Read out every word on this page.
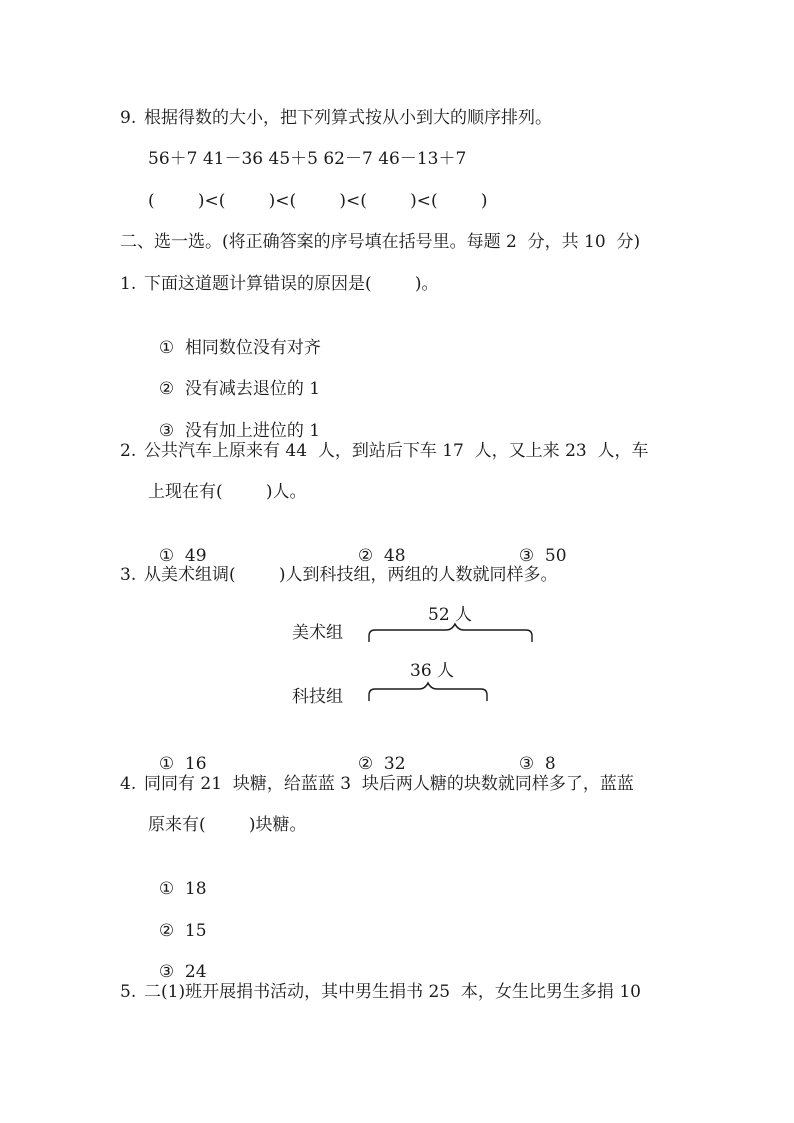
9. 根据得数的大小，把下列算式按从小到大的顺序排列。
56＋7 41－36 45＋5 62－7 46－13＋7
(        )<(        )<(        )<(        )<(        )
二、选一选。(将正确答案的序号填在括号里。每题 2  分，共 10  分)
1. 下面这道题计算错误的原因是(        )。

① 相同数位没有对齐

② 没有减去退位的 1

③ 没有加上进位的 1

2. 公共汽车上原来有 44  人，到站后下车 17  人，又上来 23  人，车
上现在有(        )人。

① 49	② 48	③ 50

3. 从美术组调(        )人到科技组，两组的人数就同样多。
美术组
52 人
科技组
36 人

① 16	② 32	③ 8

4. 同同有 21  块糖，给蓝蓝 3  块后两人糖的块数就同样多了，蓝蓝
原来有(        )块糖。

① 18

② 15

③ 24

5. 二(1)班开展捐书活动，其中男生捐书 25  本，女生比男生多捐 10
